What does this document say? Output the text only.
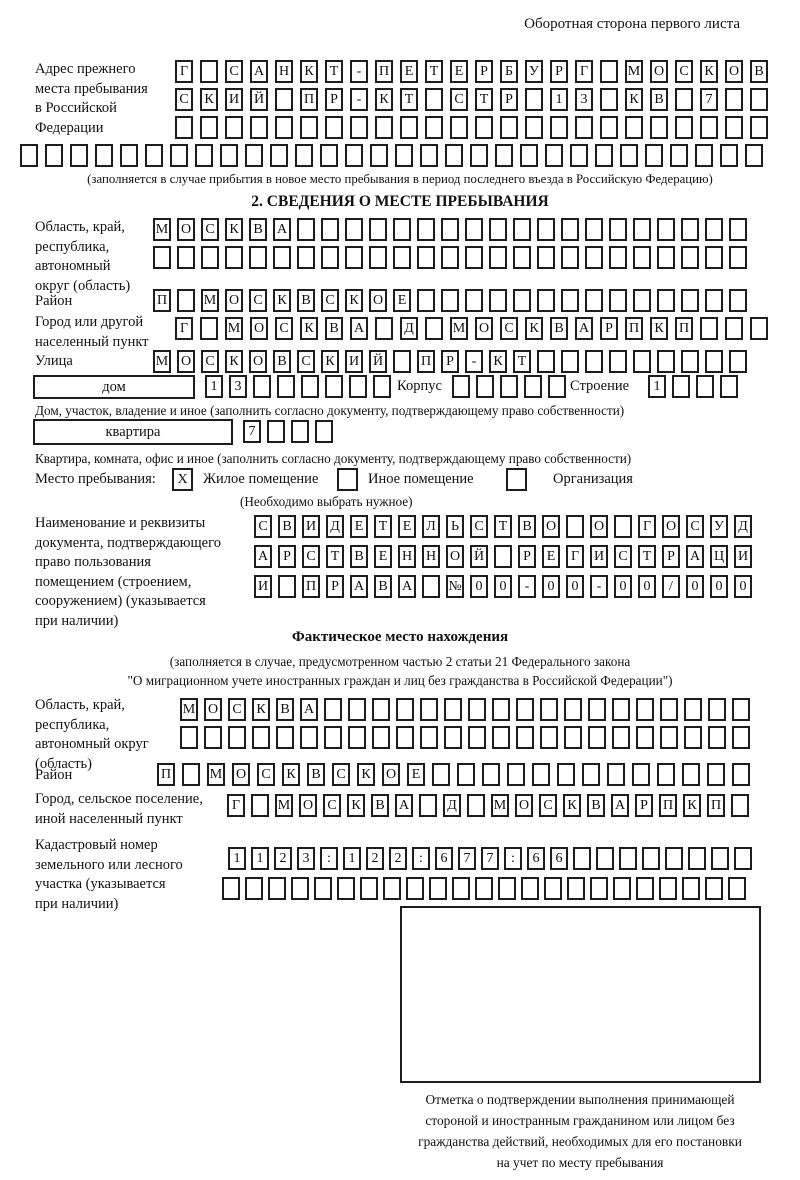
Оборотная сторона первого листа
Адрес прежнего
места пребывания
в Российской
Федерации
Г	С	А Н	К	Т	-	П	Е	Т	Е	Р	Б	У	Р	Г	М О	С	К	О	В
С	К	И Й	П	Р	-	К	Т	С	Т	Р	1	3	К	В	7
(заполняется в случае прибытия в новое место пребывания в период последнего въезда в Российскую Федерацию)
2. СВЕДЕНИЯ О МЕСТЕ ПРЕБЫВАНИЯ
Область, край,
республика,
автономный
округ (область)
М О	С	К	В	А
Район	П	М О	С	К	В	С	К	О	Е
Город или другой
населенный пункт
Г	М О	С	К	В	А	Д	М О	С	К	В	А	Р	П	К	П
Улица	М О	С	К	О	В	С	К	И Й	П	Р	-	К	Т
дом	1	3	Корпус	Строение	1
Дом, участок, владение и иное (заполнить согласно документу, подтверждающему право собственности)
квартира	7
Квартира, комната, офис и иное (заполнить согласно документу, подтверждающему право собственности)
Место пребывания:	X	Жилое помещение	Иное помещение	Организация
(Необходимо выбрать нужное)
Наименование и реквизиты
документа, подтверждающего
право пользования
помещением (строением,
сооружением) (указывается
при наличии)
С	В	И	Д	Е	Т	Е	Л	Ь	С	Т	В	О	О	Г	О	С	У	Д
А	Р	С	Т	В	Е	Н Н О Й	Р	Е	Г	И	С	Т	Р	А Ц И
И	П	Р	А	В	А	№ 0	0	-	0	0	-	0	0	/	0	0	0
Фактическое место нахождения
(заполняется в случае, предусмотренном частью 2 статьи 21 Федерального закона
"О миграционном учете иностранных граждан и лиц без гражданства в Российской Федерации")
Область, край,
республика,
автономный округ
(область)
М О	С	К	В	А
Район	П	М О	С	К	В	С	К	О	Е
Город, сельское поселение,
иной населенный пункт
Г	М О	С	К	В	А	Д	М О	С	К	В	А	Р	П	К	П
Кадастровый номер
земельного или лесного
участка (указывается
при наличии)
1	1	2	3	:	1	2	2	:	6	7	7	:	6	6
Отметка о подтверждении выполнения принимающей
стороной и иностранным гражданином или лицом без
гражданства действий, необходимых для его постановки
на учет по месту пребывания
